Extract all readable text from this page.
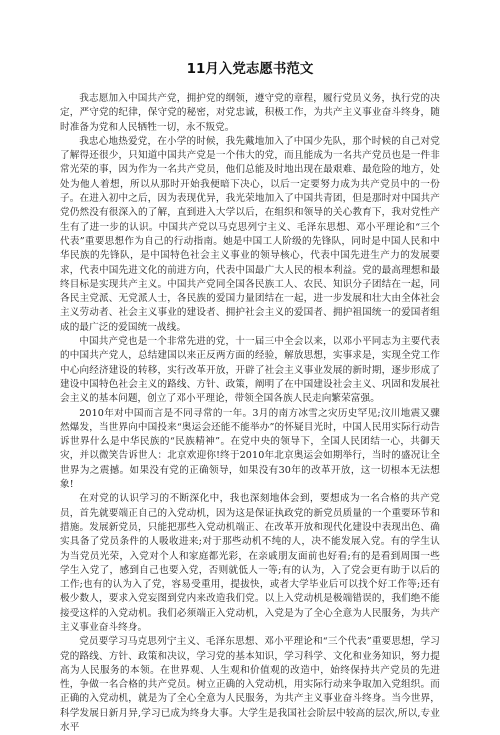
11月入党志愿书范文

我志愿加入中国共产党，拥护党的纲领，遵守党的章程，履行党员义务，执行党的决定，严守党的纪律，保守党的秘密，对党忠诚，积极工作，为共产主义事业奋斗终身，随时准备为党和人民牺牲一切，永不叛党。

我忠心地热爱党，在小学的时候，我先戴地加入了中国少先队，那个时候的自己对党了解得还很少，只知道中国共产党是一个伟大的党，而且能成为一名共产党员也是一件非常光荣的事，因为作为一名共产党员，他们总能及时地出现在最艰难、最危险的地方，处处为他人着想，所以从那时开始我便暗下决心，以后一定要努力成为共产党员中的一份子。在进入初中之后，因为表现优异，我光荣地加入了中国共青团，但是那时对中国共产党仍然没有很深入的了解，直到进入大学以后，在组织和领导的关心教育下，我对党性产生有了进一步的认识。中国共产党以马克思列宁主义、毛泽东思想、邓小平理论和“三个代表”重要思想作为自己的行动指南。她是中国工人阶级的先锋队，同时是中国人民和中华民族的先锋队，是中国特色社会主义事业的领导核心，代表中国先进生产力的发展要求，代表中国先进文化的前进方向，代表中国最广大人民的根本利益。党的最高理想和最终目标是实现共产主义。中国共产党同全国各民族工人、农民、知识分子团结在一起，同各民主党派、无党派人士，各民族的爱国力量团结在一起，进一步发展和壮大由全体社会主义劳动者、社会主义事业的建设者、拥护社会主义的爱国者、拥护祖国统一的爱国者组成的最广泛的爱国统一战线。

中国共产党也是一个非常先进的党，十一届三中全会以来，以邓小平同志为主要代表的中国共产党人，总结建国以来正反两方面的经验，解放思想，实事求是，实现全党工作中心向经济建设的转移，实行改革开放，开辟了社会主义事业发展的新时期，逐步形成了建设中国特色社会主义的路线、方针、政策，阐明了在中国建设社会主义、巩固和发展社会主义的基本问题，创立了邓小平理论，带领全国各族人民走向繁荣富强。

2010年对中国而言是不同寻常的一年。3月的南方冰雪之灾历史罕见;汶川地震又骤然爆发，当世界向中国投来“奥运会还能不能举办”的怀疑目光时，中国人民用实际行动告诉世界什么是中华民族的“民族精神”。在党中央的领导下，全国人民团结一心，共御天灾，并以微笑告诉世人：北京欢迎你!终于2010年北京奥运会如期举行，当时的盛况让全世界为之震撼。如果没有党的正确领导，如果没有30年的改革开放，这一切根本无法想象!

在对党的认识学习的不断深化中，我也深刻地体会到，要想成为一名合格的共产党员，首先就要端正自己的入党动机，因为这是保证执政党的新党员质量的一个重要环节和措施。发展新党员，只能把那些入党动机端正、在改革开放和现代化建设中表现出色、确实具备了党员条件的人吸收进来;对于那些动机不纯的人，决不能发展入党。有的学生认为当党员光荣，入党对个人和家庭都光彩，在亲戚朋友面前也好看;有的是看到周围一些学生入党了，感到自己也要入党，否则就低人一等;有的认为，入了党会更有助于以后的工作;也有的认为入了党，容易受重用，提拔快，或者大学毕业后可以找个好工作等;还有极少数人，要求入党妄图到党内来改造我们党。以上入党动机是极端错误的，我们绝不能接受这样的入党动机。我们必须端正入党动机，入党是为了全心全意为人民服务，为共产主义事业奋斗终身。

党员要学习马克思列宁主义、毛泽东思想、邓小平理论和“三个代表”重要思想，学习党的路线、方针、政策和决议，学习党的基本知识，学习科学、文化和业务知识，努力提高为人民服务的本领。在世界观、人生观和价值观的改造中，始终保持共产党员的先进性，争做一名合格的共产党员。树立正确的入党动机，用实际行动来争取加入党组织。而正确的入党动机，就是为了全心全意为人民服务，为共产主义事业奋斗终身。当今世界，科学发展日新月异,学习已成为终身大事。大学生是我国社会阶层中较高的层次,所以,专业水平
